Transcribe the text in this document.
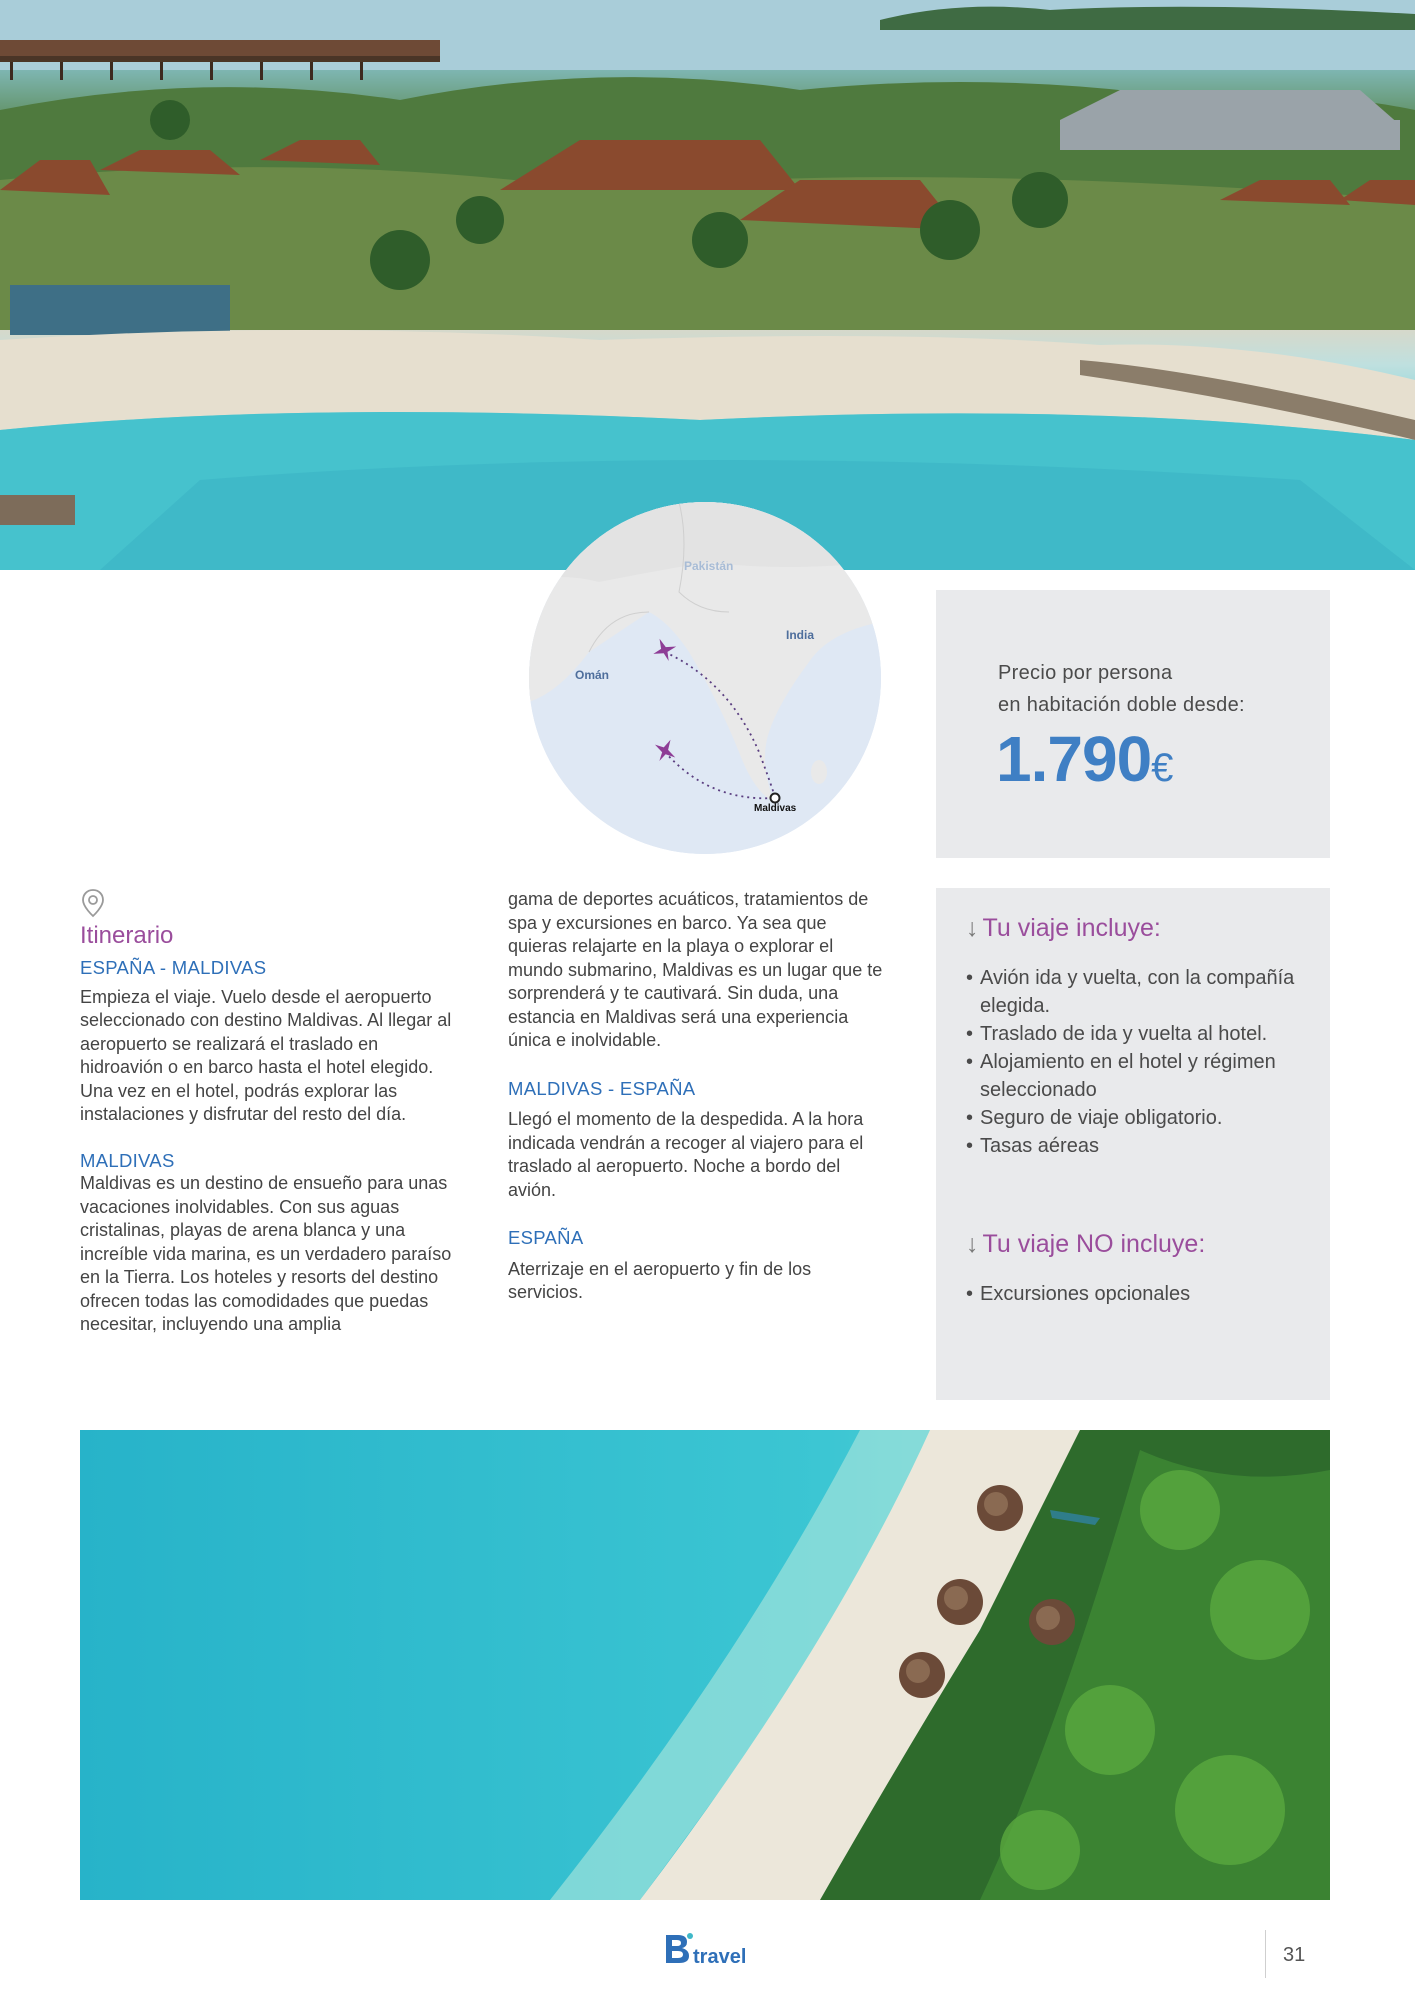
Pakistán
India
Omán
Maldivas
Precio por persona
en habitación doble desde:
1.790€
Itinerario

ESPAÑA - MALDIVAS

Empieza el viaje. Vuelo desde el aeropuerto seleccionado con destino Maldivas. Al llegar al aeropuerto se realizará el traslado en hidroavión o en barco hasta el hotel elegido. Una vez en el hotel, podrás explorar las instalaciones y disfrutar del resto del día.

MALDIVAS

Maldivas es un destino de ensueño para unas vacaciones inolvidables. Con sus aguas cristalinas, playas de arena blanca y una increíble vida marina, es un verdadero paraíso en la Tierra. Los hoteles y resorts del destino ofrecen todas las comodidades que puedas necesitar, incluyendo una amplia

gama de deportes acuáticos, tratamientos de spa y excursiones en barco. Ya sea que quieras relajarte en la playa o explorar el mundo submarino, Maldivas es un lugar que te sorprenderá y te cautivará. Sin duda, una estancia en Maldivas será una experiencia única e inolvidable.

MALDIVAS - ESPAÑA

Llegó el momento de la despedida. A la hora indicada vendrán a recoger al viajero para el traslado al aeropuerto. Noche a bordo del avión.

ESPAÑA

Aterrizaje en el aeropuerto y fin de los servicios.

↓ Tu viaje incluye:
• Avión ida y vuelta, con la compañía elegida.
• Traslado de ida y vuelta al hotel.
• Alojamiento en el hotel y régimen seleccionado
• Seguro de viaje obligatorio.
• Tasas aéreas
↓ Tu viaje NO incluye:
• Excursiones opcionales
travel	31
